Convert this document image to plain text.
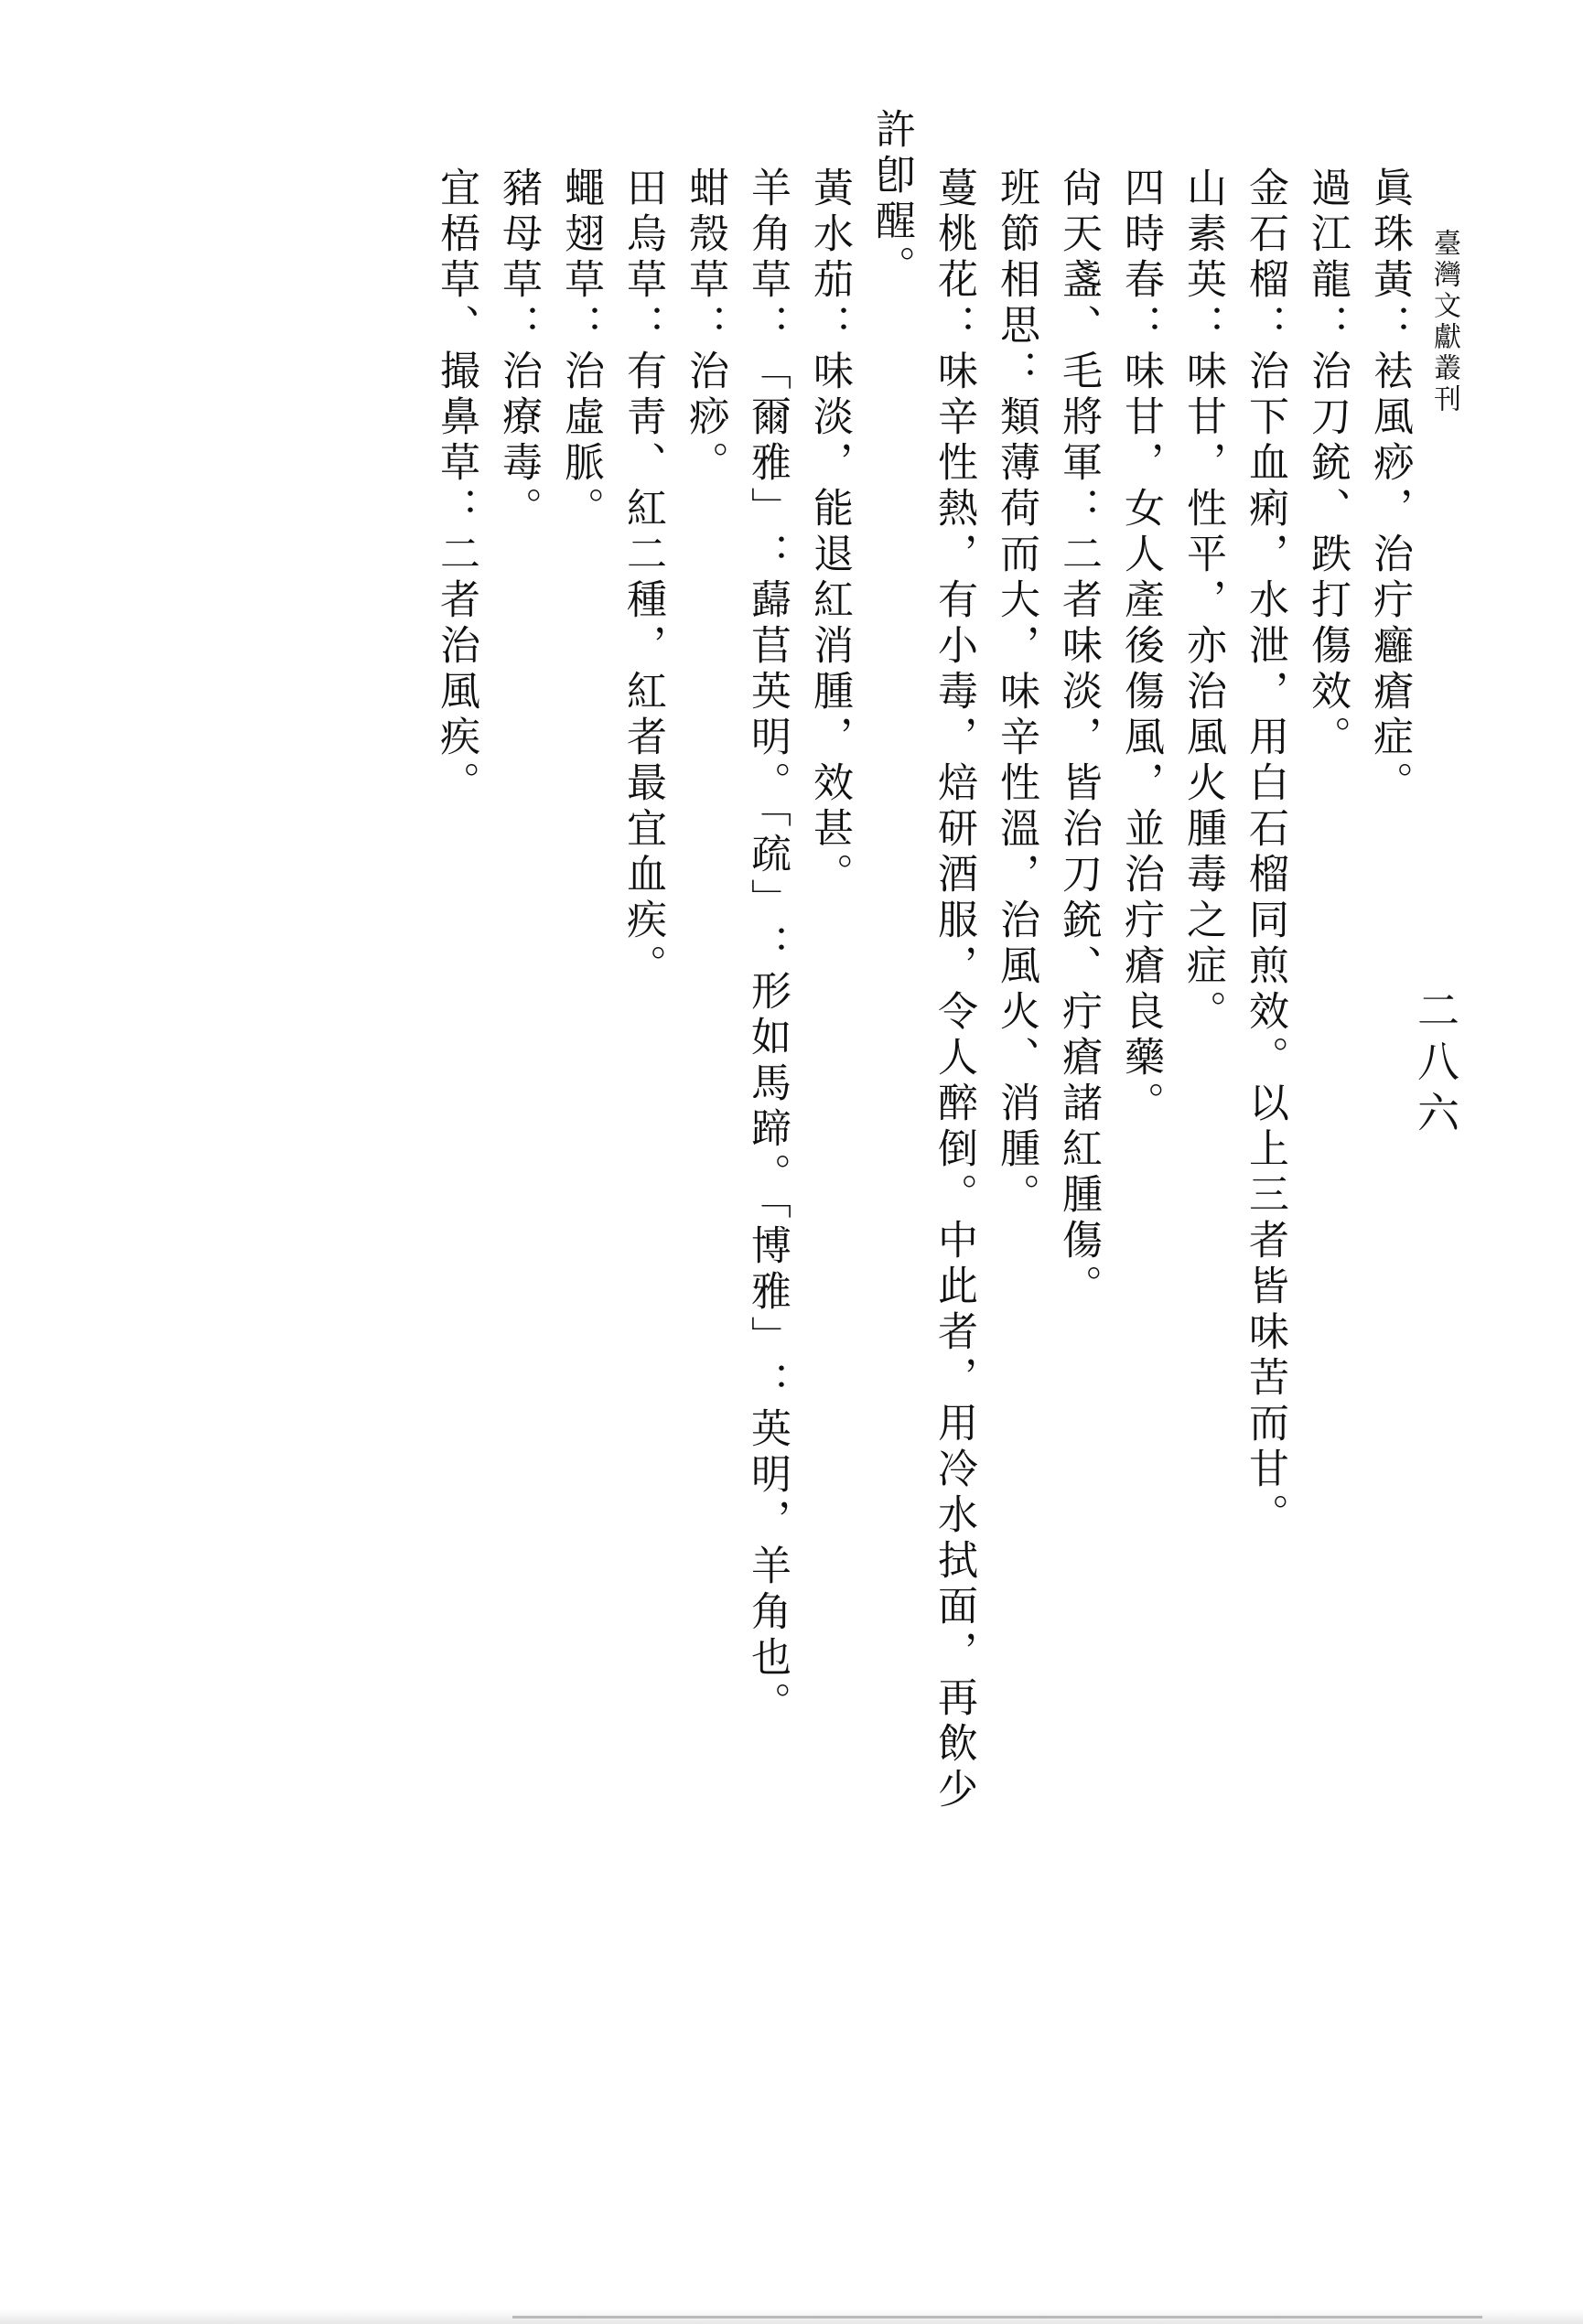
臺灣文獻叢刊
二八六
眞珠黃：袪風痧，治疔癰瘡症。
過江龍：治刀銃、跌打傷效。
金石榴：治下血痢，水泄，用白石榴同煎效。以上三者皆味苦而甘。
山素英：味甘，性平，亦治風火腫毒之症。
四時春：味甘，女人產後傷風，並治疔瘡良藥。
尙天盞、毛將軍：二者味淡，皆治刀銃、疔瘡諸紅腫傷。
班節相思：類薄荷而大，味辛性溫，治風火、消腫。
蔓桃花：味辛性熱，有小毒，焙研酒服，令人醉倒。中此者，用冷水拭面，再飲少
許卽醒。
黃水茄：味淡，能退紅消腫，效甚。
羊角草：「爾雅」：蘬苢英明。「疏」：形如馬蹄。「博雅」：英明，羊角也。
蚶殼草：治痧。
田烏草：有靑、紅二種，紅者最宜血疾。
蠅翅草：治虛脈。
豬母草：治療毒。
宜梧草、撮鼻草：二者治風疾。
